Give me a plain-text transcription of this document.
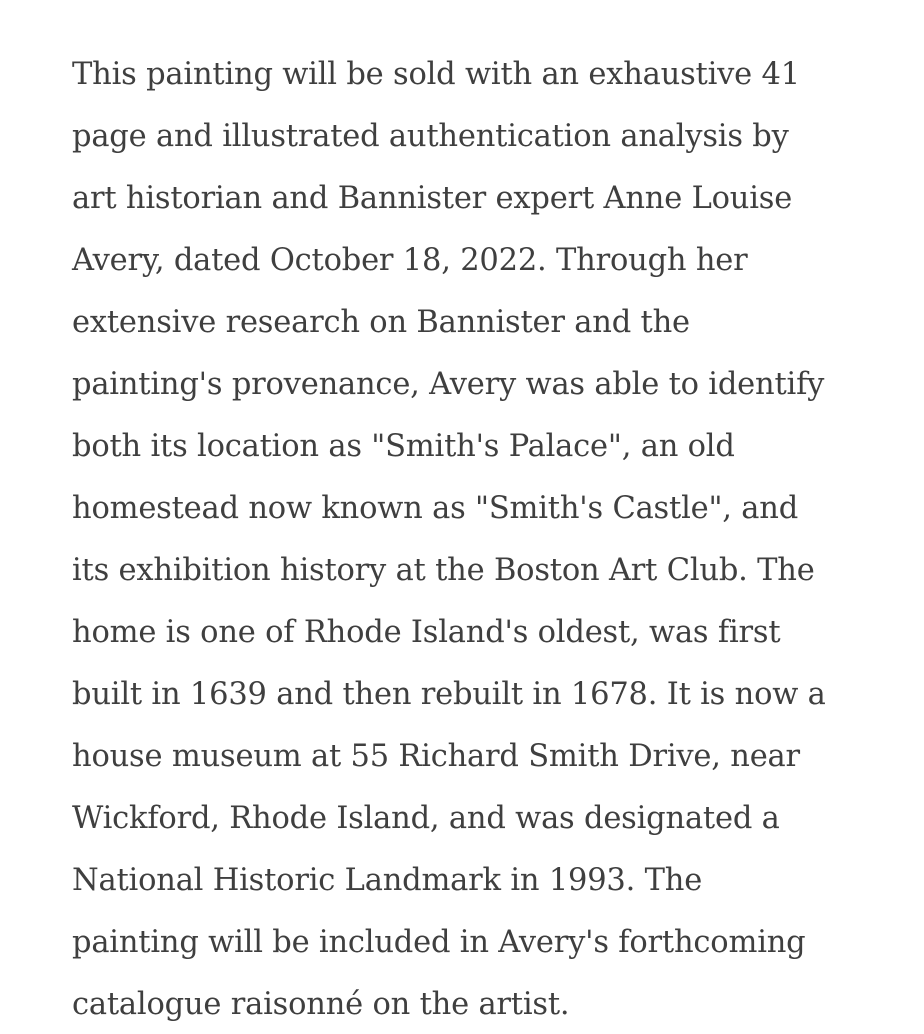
This painting will be sold with an exhaustive 41
page and illustrated authentication analysis by
art historian and Bannister expert Anne Louise
Avery, dated October 18, 2022. Through her
extensive research on Bannister and the
painting's provenance, Avery was able to identify
both its location as "Smith's Palace", an old
homestead now known as "Smith's Castle", and
its exhibition history at the Boston Art Club. The
home is one of Rhode Island's oldest, was first
built in 1639 and then rebuilt in 1678. It is now a
house museum at 55 Richard Smith Drive, near
Wickford, Rhode Island, and was designated a
National Historic Landmark in 1993. The
painting will be included in Avery's forthcoming
catalogue raisonné on the artist.
